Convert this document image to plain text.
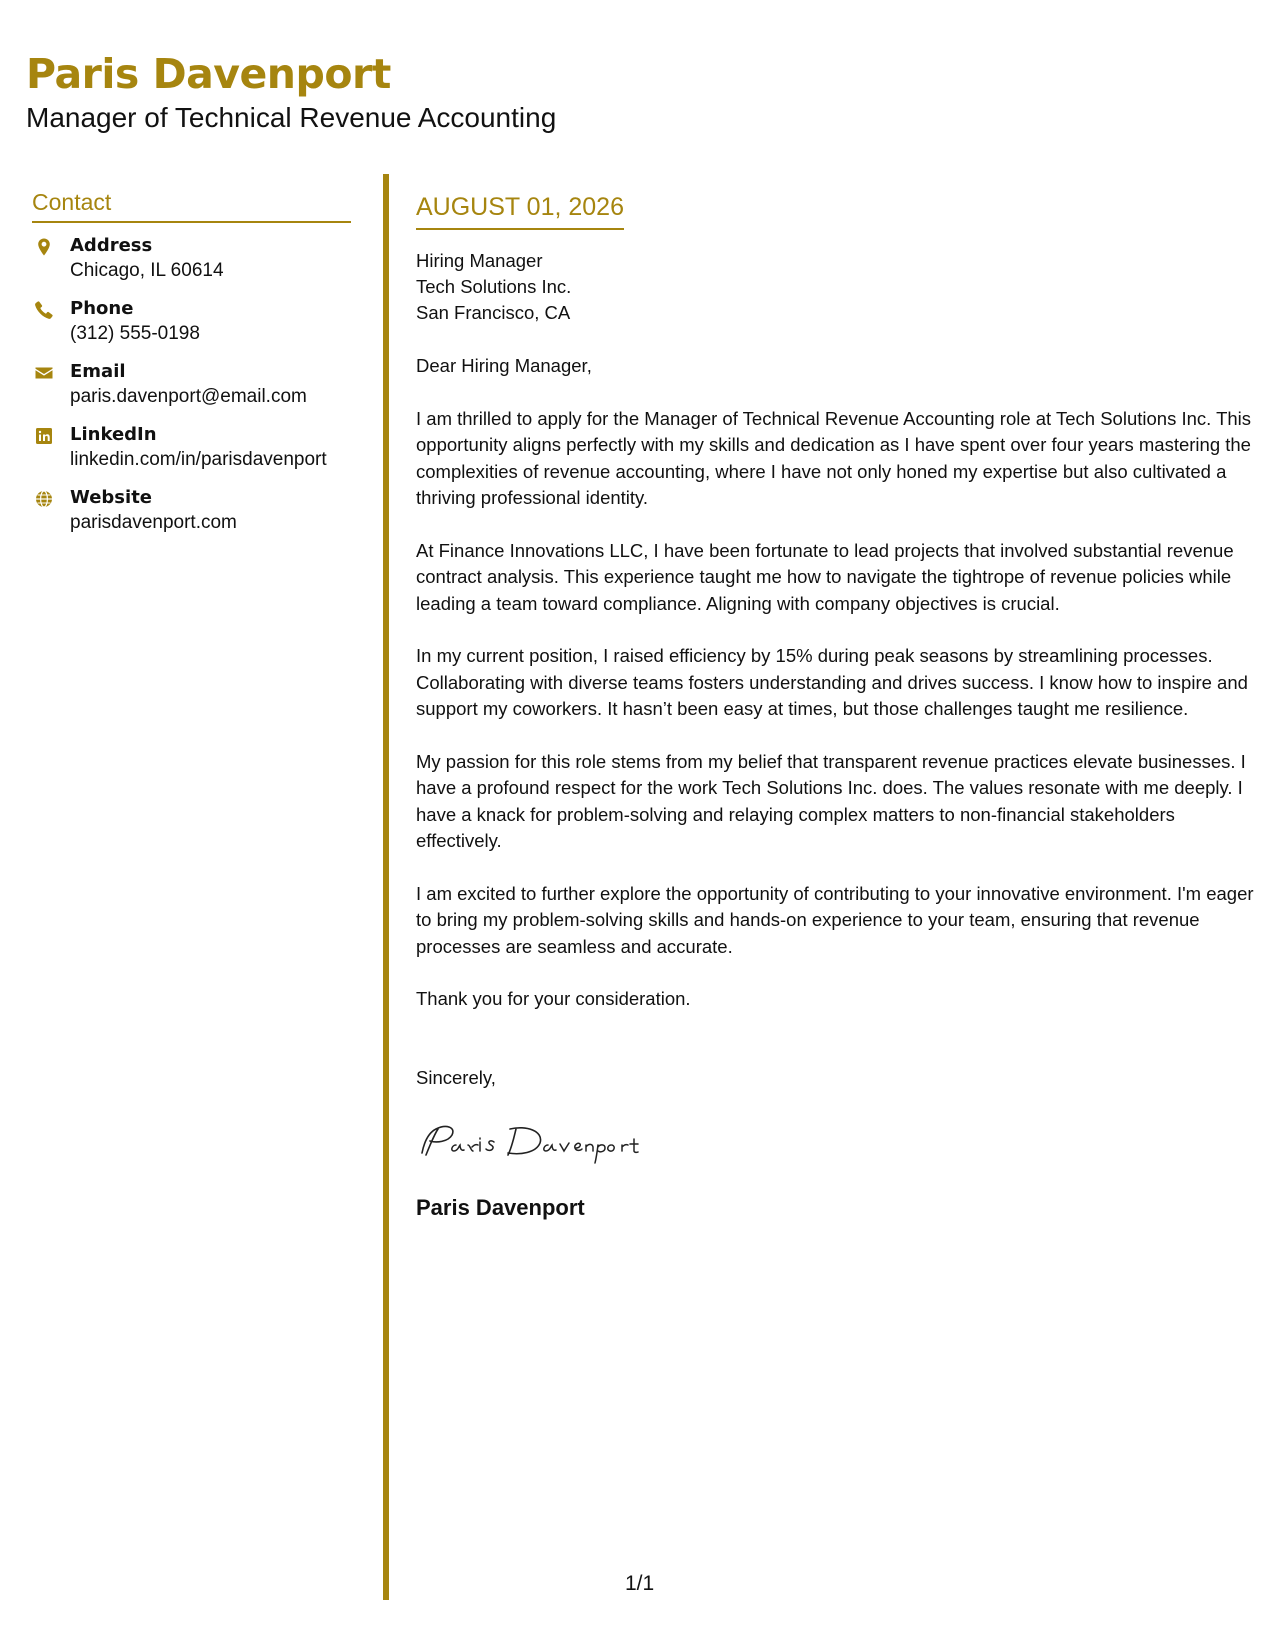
Paris Davenport
Manager of Technical Revenue Accounting
Contact
Address
Chicago, IL 60614
Phone
(312) 555-0198
Email
paris.davenport@email.com
LinkedIn
linkedin.com/in/parisdavenport
Website
parisdavenport.com
AUGUST 01, 2026
Hiring Manager
Tech Solutions Inc.
San Francisco, CA
Dear Hiring Manager,
I am thrilled to apply for the Manager of Technical Revenue Accounting role at Tech Solutions Inc. This opportunity aligns perfectly with my skills and dedication as I have spent over four years mastering the complexities of revenue accounting, where I have not only honed my expertise but also cultivated a thriving professional identity.
At Finance Innovations LLC, I have been fortunate to lead projects that involved substantial revenue contract analysis. This experience taught me how to navigate the tightrope of revenue policies while leading a team toward compliance. Aligning with company objectives is crucial.
In my current position, I raised efficiency by 15% during peak seasons by streamlining processes. Collaborating with diverse teams fosters understanding and drives success. I know how to inspire and support my coworkers. It hasn’t been easy at times, but those challenges taught me resilience.
My passion for this role stems from my belief that transparent revenue practices elevate businesses. I have a profound respect for the work Tech Solutions Inc. does. The values resonate with me deeply. I have a knack for problem-solving and relaying complex matters to non-financial stakeholders effectively.
I am excited to further explore the opportunity of contributing to your innovative environment. I'm eager to bring my problem-solving skills and hands-on experience to your team, ensuring that revenue processes are seamless and accurate.
Thank you for your consideration.
Sincerely,
Paris Davenport
1/1
